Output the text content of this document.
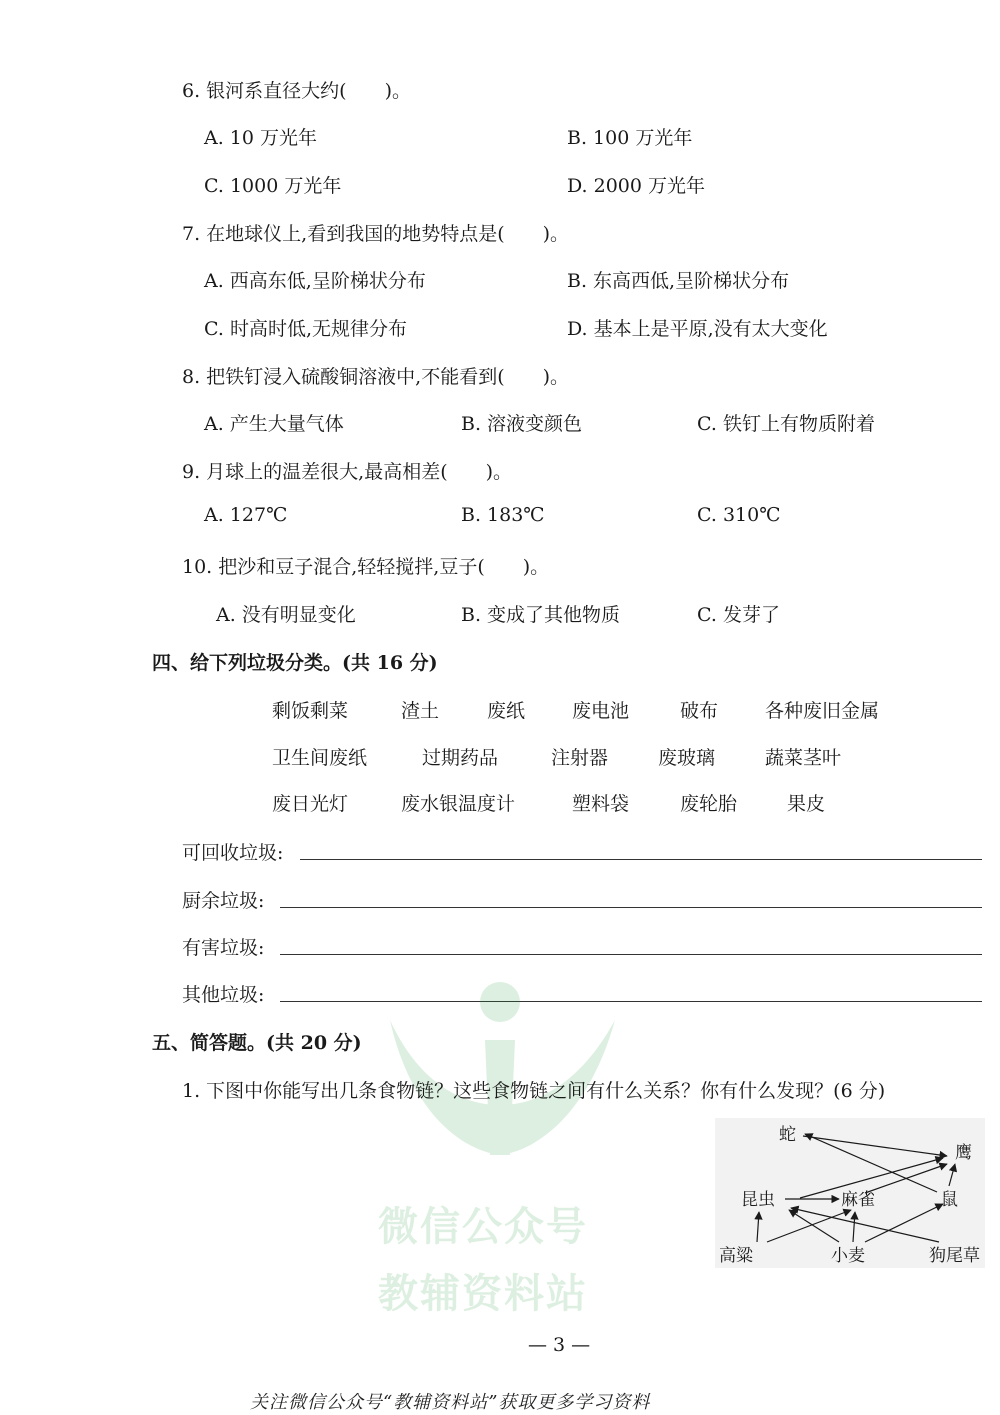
6. 银河系直径大约(　　)。
A. 10 万光年	B. 100 万光年
C. 1000 万光年	D. 2000 万光年
7. 在地球仪上,看到我国的地势特点是(　　)。
A. 西高东低,呈阶梯状分布	B. 东高西低,呈阶梯状分布
C. 时高时低,无规律分布	D. 基本上是平原,没有太大变化
8. 把铁钉浸入硫酸铜溶液中,不能看到(　　)。
A. 产生大量气体	B. 溶液变颜色	C. 铁钉上有物质附着
9. 月球上的温差很大,最高相差(　　)。
A. 127℃	B. 183℃	C. 310℃
10. 把沙和豆子混合,轻轻搅拌,豆子(　　)。
A. 没有明显变化	B. 变成了其他物质	C. 发芽了
四、给下列垃圾分类。(共 16 分)
剩饭剩菜	渣土	废纸 废电池	破布 各种废旧金属
卫生间废纸	过期药品	注射器	废玻璃	蔬菜茎叶
废日光灯	废水银温度计	塑料袋	废轮胎	果皮
可回收垃圾:
厨余垃圾:
有害垃圾:
其他垃圾:
微信公众号
教辅资料站
五、简答题。(共 20 分)
1. 下图中你能写出几条食物链？这些食物链之间有什么关系？你有什么发现？(6 分)
蛇
鹰
昆虫	麻雀	鼠
高粱	小麦	狗尾草
— 3 —
关注微信公众号“教辅资料站”获取更多学习资料
